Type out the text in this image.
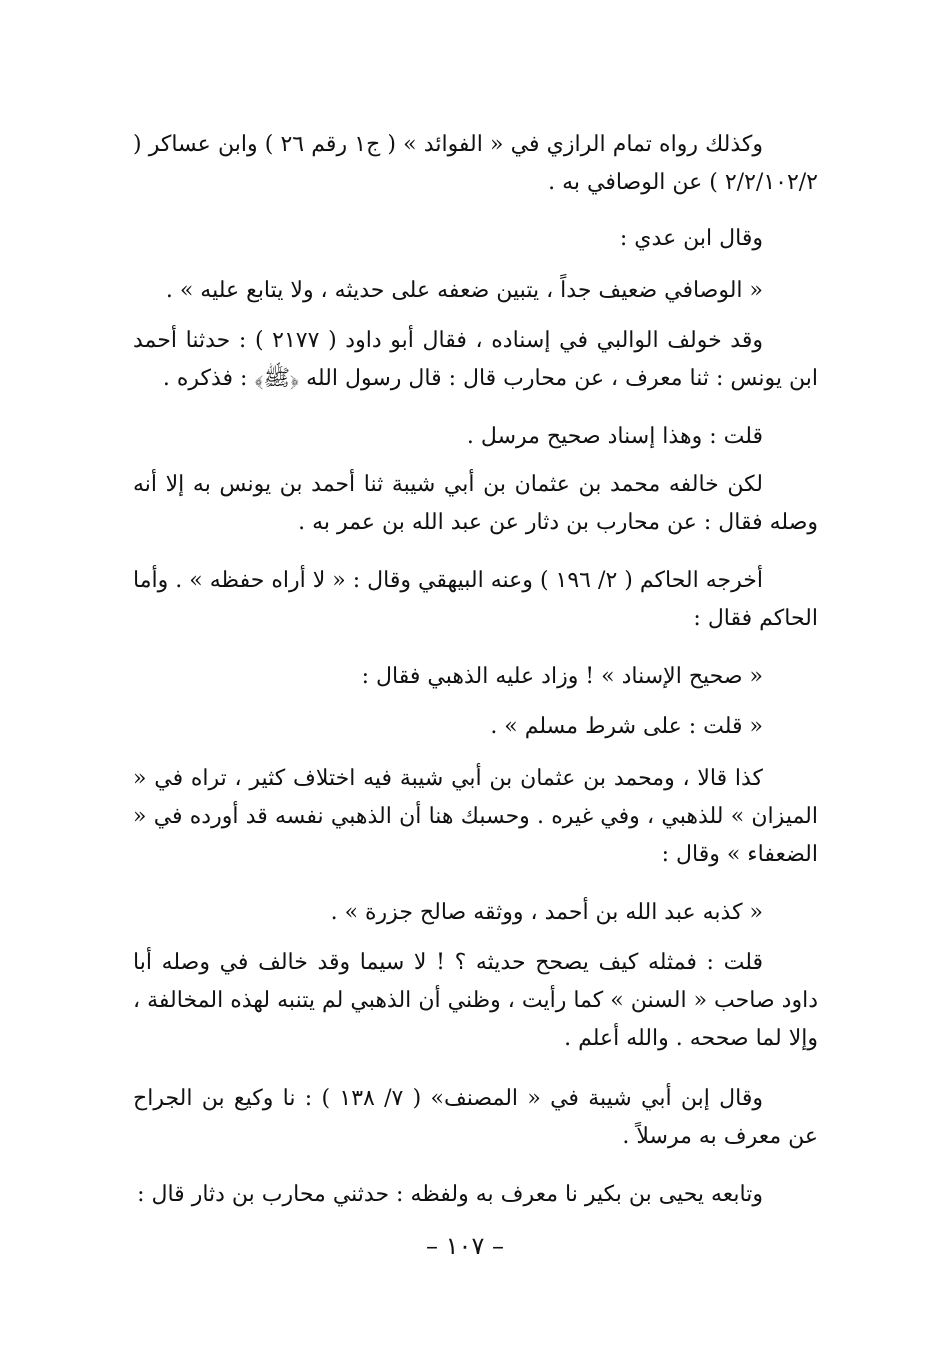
وكذلك رواه تمام الرازي في « الفوائد » ( ج١ رقم ٢٦ ) وابن عساكر ( ٢/٢/١٠٢/٢ ) عن الوصافي به .

وقال ابن عدي :

« الوصافي ضعيف جداً ، يتبين ضعفه على حديثه ، ولا يتابع عليه » .

وقد خولف الوالبي في إسناده ، فقال أبو داود ( ٢١٧٧ ) : حدثنا أحمد ابن يونس : ثنا معرف ، عن محارب قال : قال رسول الله ﴿ﷺ﴾ : فذكره .

قلت : وهذا إسناد صحيح مرسل .

لكن خالفه محمد بن عثمان بن أبي شيبة ثنا أحمد بن يونس به إلا أنه وصله فقال : عن محارب بن دثار عن عبد الله بن عمر به .

أخرجه الحاكم ( ٢/ ١٩٦ ) وعنه البيهقي وقال : « لا أراه حفظه » . وأما الحاكم فقال :

« صحيح الإسناد » ! وزاد عليه الذهبي فقال :

« قلت : على شرط مسلم » .

كذا قالا ، ومحمد بن عثمان بن أبي شيبة فيه اختلاف كثير ، تراه في « الميزان » للذهبي ، وفي غيره . وحسبك هنا أن الذهبي نفسه قد أورده في « الضعفاء » وقال :

« كذبه عبد الله بن أحمد ، ووثقه صالح جزرة » .

قلت : فمثله كيف يصحح حديثه ؟ ! لا سيما وقد خالف في وصله أبا داود صاحب « السنن » كما رأيت ، وظني أن الذهبي لم يتنبه لهذه المخالفة ، وإلا لما صححه . والله أعلم .

وقال إبن أبي شيبة في « المصنف» ( ٧/ ١٣٨ ) : نا وكيع بن الجراح عن معرف به مرسلاً .

وتابعه يحيى بن بكير نا معرف به ولفظه : حدثني محارب بن دثار قال :

– ١٠٧ –
